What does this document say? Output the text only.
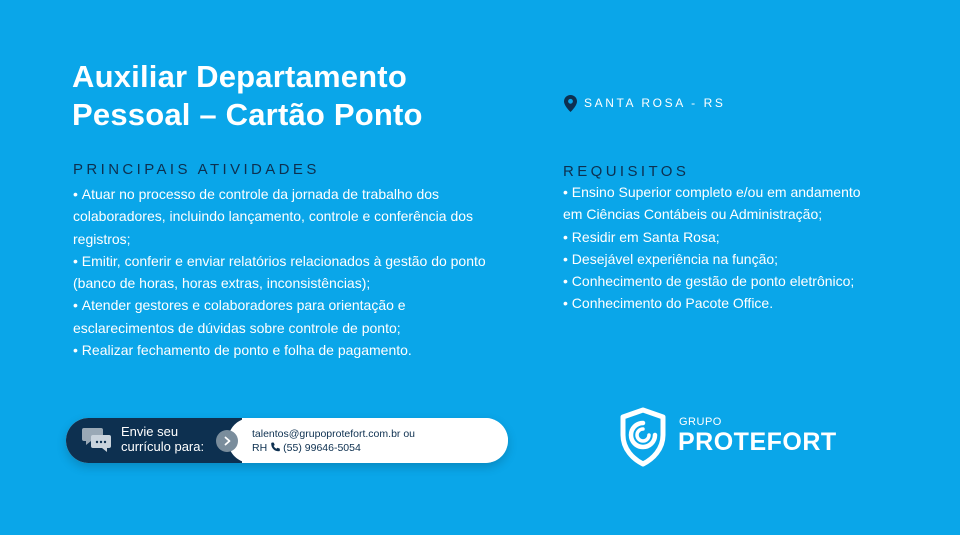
Auxiliar Departamento
Pessoal – Cartão Ponto	SANTA ROSA - RS
PRINCIPAIS ATIVIDADES
• Atuar no processo de controle da jornada de trabalho dos colaboradores, incluindo lançamento, controle e conferência dos registros;
• Emitir, conferir e enviar relatórios relacionados à gestão do ponto (banco de horas, horas extras, inconsistências);
• Atender gestores e colaboradores para orientação e esclarecimentos de dúvidas sobre controle de ponto;
• Realizar fechamento de ponto e folha de pagamento.
REQUISITOS
• Ensino Superior completo e/ou em andamento em Ciências Contábeis ou Administração;
• Residir em Santa Rosa;
• Desejável experiência na função;
• Conhecimento de gestão de ponto eletrônico;
• Conhecimento do Pacote Office.
Envie seu
currículo para:
talentos@grupoprotefort.com.br ou
RH (55) 99646-5054
GRUPO
PROTEFORT
